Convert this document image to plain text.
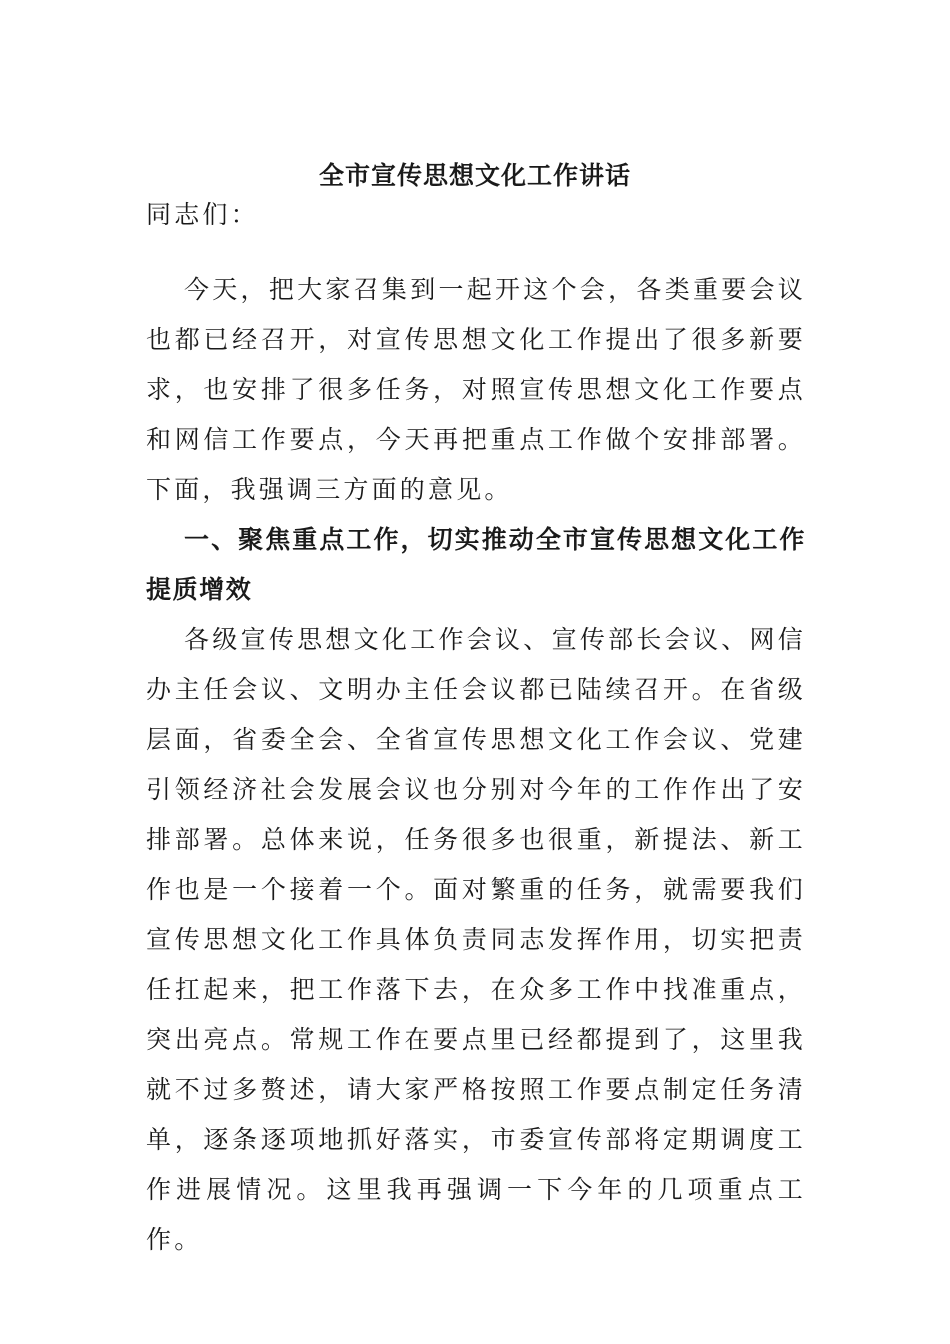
全市宣传思想文化工作讲话
同志们：
今天，把大家召集到一起开这个会，各类重要会议也都已经召开，对宣传思想文化工作提出了很多新要求，也安排了很多任务，对照宣传思想文化工作要点和网信工作要点，今天再把重点工作做个安排部署。下面，我强调三方面的意见。
一、聚焦重点工作，切实推动全市宣传思想文化工作提质增效
各级宣传思想文化工作会议、宣传部长会议、网信办主任会议、文明办主任会议都已陆续召开。在省级层面，省委全会、全省宣传思想文化工作会议、党建引领经济社会发展会议也分别对今年的工作作出了安排部署。总体来说，任务很多也很重，新提法、新工作也是一个接着一个。面对繁重的任务，就需要我们宣传思想文化工作具体负责同志发挥作用，切实把责任扛起来，把工作落下去，在众多工作中找准重点，突出亮点。常规工作在要点里已经都提到了，这里我就不过多赘述，请大家严格按照工作要点制定任务清单，逐条逐项地抓好落实，市委宣传部将定期调度工作进展情况。这里我再强调一下今年的几项重点工作。
